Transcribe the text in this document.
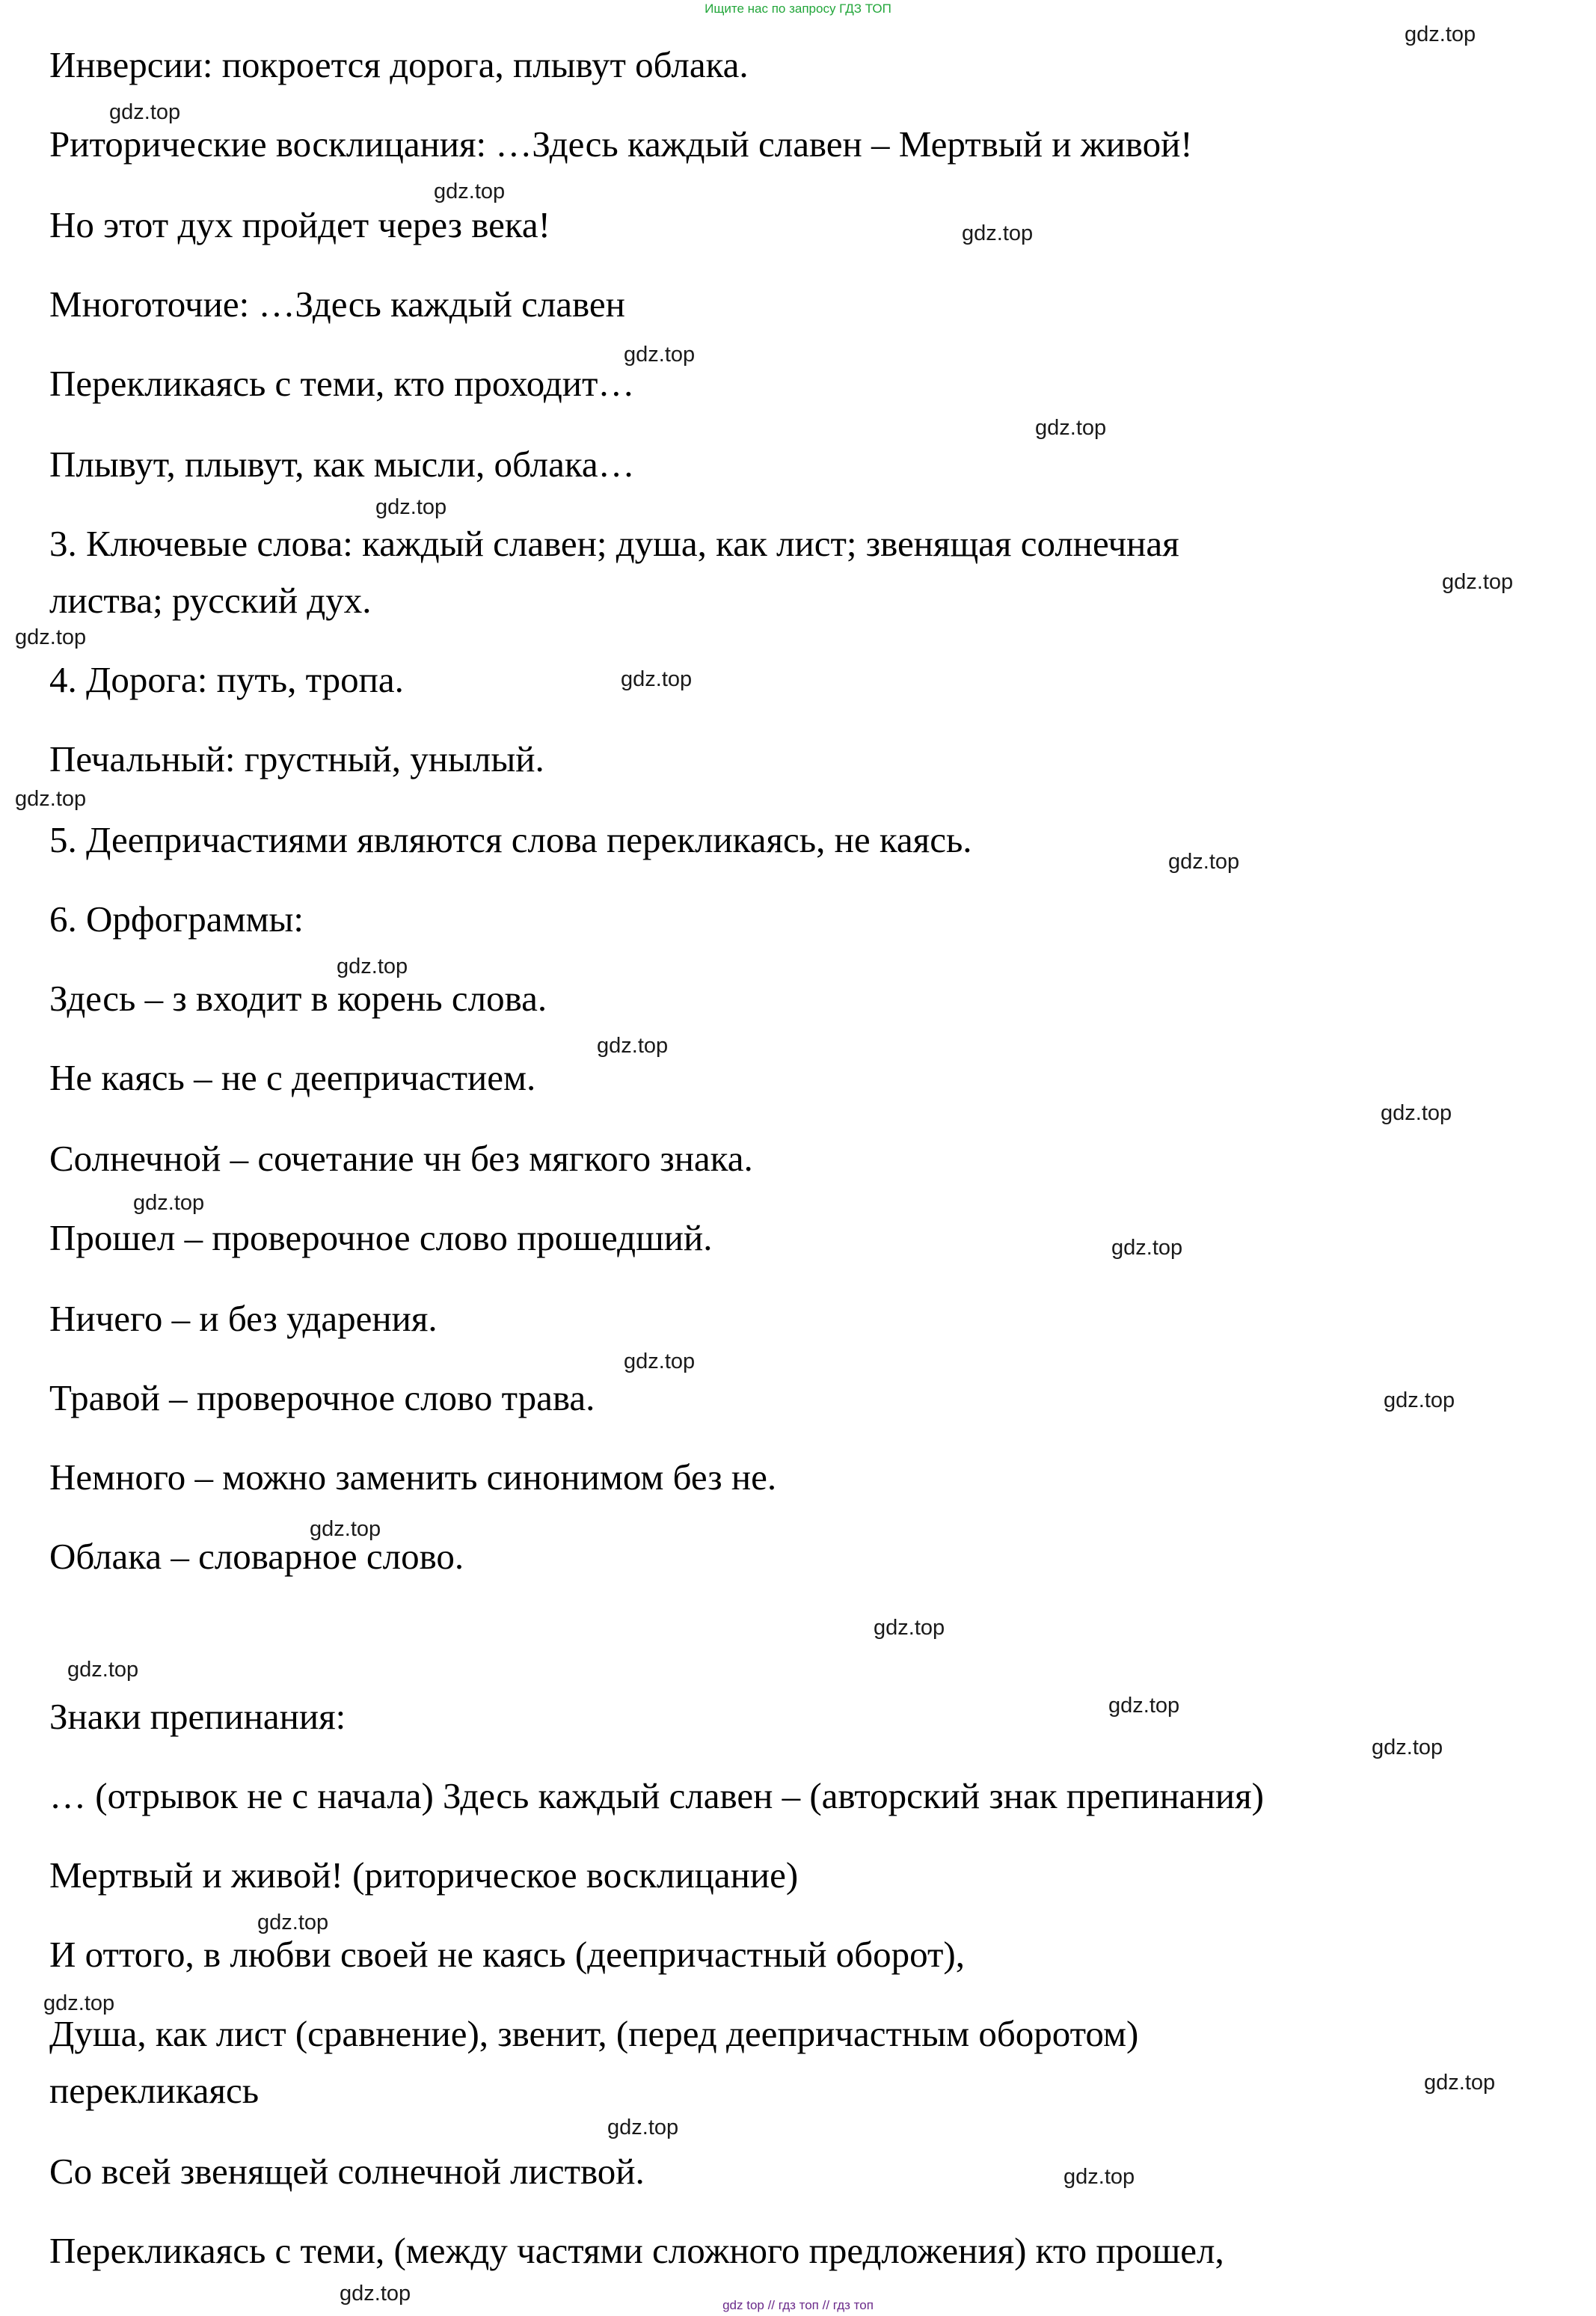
Ищите нас по запросу ГДЗ ТОП
Инверсии: покроется дорога, плывут облака.
Риторические восклицания: …Здесь каждый славен – Мертвый и живой!
Но этот дух пройдет через века!
Многоточие: …Здесь каждый славен
Перекликаясь с теми, кто проходит…
Плывут, плывут, как мысли, облака…
3. Ключевые слова: каждый славен; душа, как лист; звенящая солнечная
листва; русский дух.
4. Дорога: путь, тропа.
Печальный: грустный, унылый.
5. Деепричастиями являются слова перекликаясь, не каясь.
6. Орфограммы:
Здесь – з входит в корень слова.
Не каясь – не с деепричастием.
Солнечной – сочетание чн без мягкого знака.
Прошел – проверочное слово прошедший.
Ничего – и без ударения.
Травой – проверочное слово трава.
Немного – можно заменить синонимом без не.
Облака – словарное слово.
Знаки препинания:
… (отрывок не с начала) Здесь каждый славен – (авторский знак препинания)
Мертвый и живой! (риторическое восклицание)
И оттого, в любви своей не каясь (деепричастный оборот),
Душа, как лист (сравнение), звенит, (перед деепричастным оборотом)
перекликаясь
Со всей звенящей солнечной листвой.
Перекликаясь с теми, (между частями сложного предложения) кто прошел,
gdz.top
gdz.top
gdz.top
gdz.top
gdz.top
gdz.top
gdz.top
gdz.top
gdz.top
gdz.top
gdz.top
gdz.top
gdz.top
gdz.top
gdz.top
gdz.top
gdz.top
gdz.top
gdz.top
gdz.top
gdz.top
gdz.top
gdz.top
gdz.top
gdz.top
gdz.top
gdz.top
gdz.top
gdz.top
gdz.top	gdz top // гдз топ // гдз топ
